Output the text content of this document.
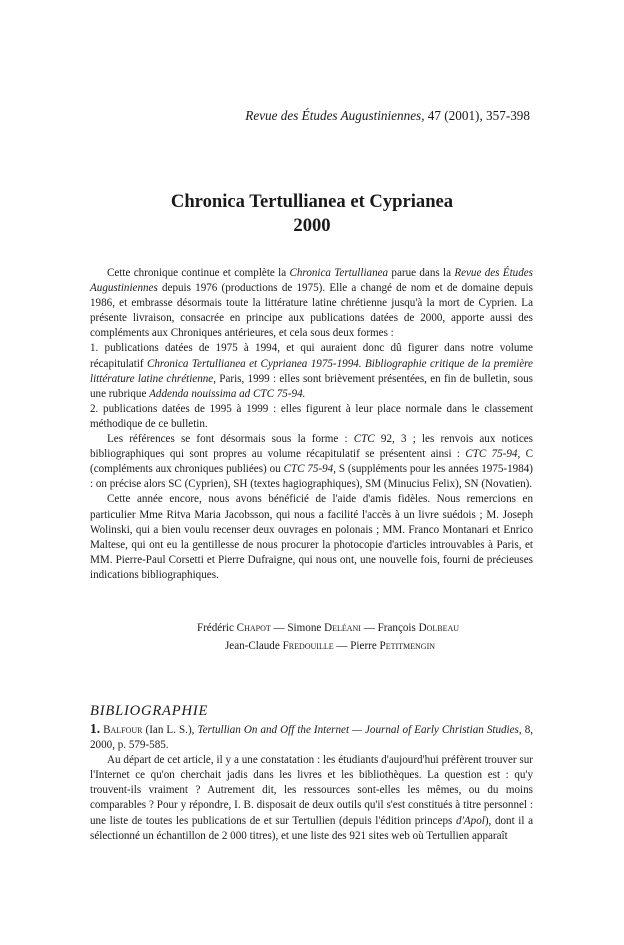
Revue des Études Augustiniennes, 47 (2001), 357-398
Chronica Tertullianea et Cyprianea
2000

Cette chronique continue et complète la Chronica Tertullianea parue dans la Revue des Études Augustiniennes depuis 1976 (productions de 1975). Elle a changé de nom et de domaine depuis 1986, et embrasse désormais toute la littérature latine chrétienne jusqu'à la mort de Cyprien. La présente livraison, consacrée en principe aux publications datées de 2000, apporte aussi des compléments aux Chroniques antérieures, et cela sous deux formes :

1. publications datées de 1975 à 1994, et qui auraient donc dû figurer dans notre volume récapitulatif Chronica Tertullianea et Cyprianea 1975-1994. Bibliographie critique de la première littérature latine chrétienne, Paris, 1999 : elles sont brièvement présentées, en fin de bulletin, sous une rubrique Addenda nouissima ad CTC 75-94.

2. publications datées de 1995 à 1999 : elles figurent à leur place normale dans le classement méthodique de ce bulletin.

Les références se font désormais sous la forme : CTC 92, 3 ; les renvois aux notices bibliographiques qui sont propres au volume récapitulatif se présentent ainsi : CTC 75-94, C (compléments aux chroniques publiées) ou CTC 75-94, S (suppléments pour les années 1975-1984) : on précise alors SC (Cyprien), SH (textes hagiographiques), SM (Minucius Felix), SN (Novatien).

Cette année encore, nous avons bénéficié de l'aide d'amis fidèles. Nous remercions en particulier Mme Ritva Maria Jacobsson, qui nous a facilité l'accès à un livre suédois ; M. Joseph Wolinski, qui a bien voulu recenser deux ouvrages en polonais ; MM. Franco Montanari et Enrico Maltese, qui ont eu la gentillesse de nous procurer la photocopie d'articles introuvables à Paris, et MM. Pierre-Paul Corsetti et Pierre Dufraigne, qui nous ont, une nouvelle fois, fourni de précieuses indications bibliographiques.

Frédéric Chapot — Simone Deléani — François Dolbeau
Jean-Claude Fredouille — Pierre Petitmengin
BIBLIOGRAPHIE

1. Balfour (Ian L. S.), Tertullian On and Off the Internet — Journal of Early Christian Studies, 8, 2000, p. 579-585.

Au départ de cet article, il y a une constatation : les étudiants d'aujourd'hui préfèrent trouver sur l'Internet ce qu'on cherchait jadis dans les livres et les bibliothèques. La question est : qu'y trouvent-ils vraiment ? Autrement dit, les ressources sont-elles les mêmes, ou du moins comparables ? Pour y répondre, I. B. disposait de deux outils qu'il s'est constitués à titre personnel : une liste de toutes les publications de et sur Tertullien (depuis l'édition princeps d'Apol), dont il a sélectionné un échantillon de 2 000 titres), et une liste des 921 sites web où Tertullien apparaît
